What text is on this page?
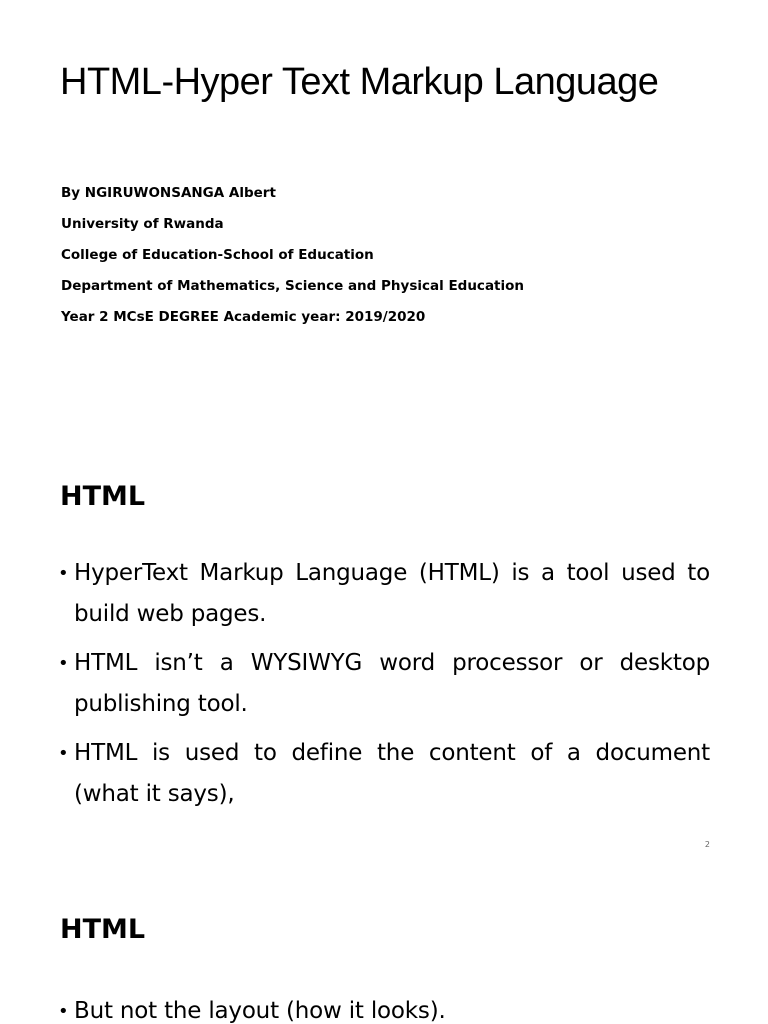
HTML-Hyper Text Markup Language
By NGIRUWONSANGA Albert
University of Rwanda
College of Education-School of Education
Department of Mathematics, Science and Physical Education
Year 2 MCsE DEGREE Academic year: 2019/2020
HTML
• HyperText Markup Language (HTML) is a tool used to build web pages.
• HTML isn’t a WYSIWYG word processor or desktop publishing tool.
• HTML is used to define the content of a document (what it says),
2
HTML
• But not the layout (how it looks).
